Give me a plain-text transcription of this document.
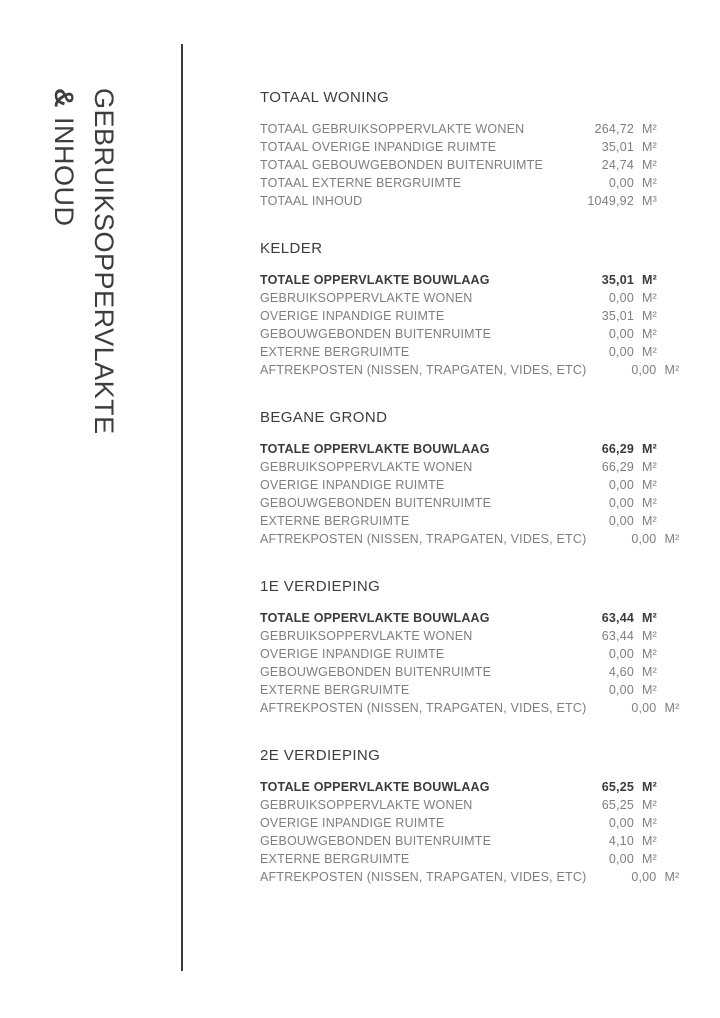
GEBRUIKSOPPERVLAKTE
&INHOUD
TOTAAL WONING
TOTAAL GEBRUIKSOPPERVLAKTE WONEN	264,72 M²
TOTAAL OVERIGE INPANDIGE RUIMTE	35,01 M²
TOTAAL GEBOUWGEBONDEN BUITENRUIMTE	24,74 M²
TOTAAL EXTERNE BERGRUIMTE	0,00 M²
TOTAAL INHOUD	1049,92 M³
KELDER
TOTALE OPPERVLAKTE BOUWLAAG	35,01 M²
GEBRUIKSOPPERVLAKTE WONEN	0,00 M²
OVERIGE INPANDIGE RUIMTE	35,01 M²
GEBOUWGEBONDEN BUITENRUIMTE	0,00 M²
EXTERNE BERGRUIMTE	0,00 M²
AFTREKPOSTEN (NISSEN, TRAPGATEN, VIDES, ETC)	0,00 M²
BEGANE GROND
TOTALE OPPERVLAKTE BOUWLAAG	66,29 M²
GEBRUIKSOPPERVLAKTE WONEN	66,29 M²
OVERIGE INPANDIGE RUIMTE	0,00 M²
GEBOUWGEBONDEN BUITENRUIMTE	0,00 M²
EXTERNE BERGRUIMTE	0,00 M²
AFTREKPOSTEN (NISSEN, TRAPGATEN, VIDES, ETC)	0,00 M²
1E VERDIEPING
TOTALE OPPERVLAKTE BOUWLAAG	63,44 M²
GEBRUIKSOPPERVLAKTE WONEN	63,44 M²
OVERIGE INPANDIGE RUIMTE	0,00 M²
GEBOUWGEBONDEN BUITENRUIMTE	4,60 M²
EXTERNE BERGRUIMTE	0,00 M²
AFTREKPOSTEN (NISSEN, TRAPGATEN, VIDES, ETC)	0,00 M²
2E VERDIEPING
TOTALE OPPERVLAKTE BOUWLAAG	65,25 M²
GEBRUIKSOPPERVLAKTE WONEN	65,25 M²
OVERIGE INPANDIGE RUIMTE	0,00 M²
GEBOUWGEBONDEN BUITENRUIMTE	4,10 M²
EXTERNE BERGRUIMTE	0,00 M²
AFTREKPOSTEN (NISSEN, TRAPGATEN, VIDES, ETC)	0,00 M²
